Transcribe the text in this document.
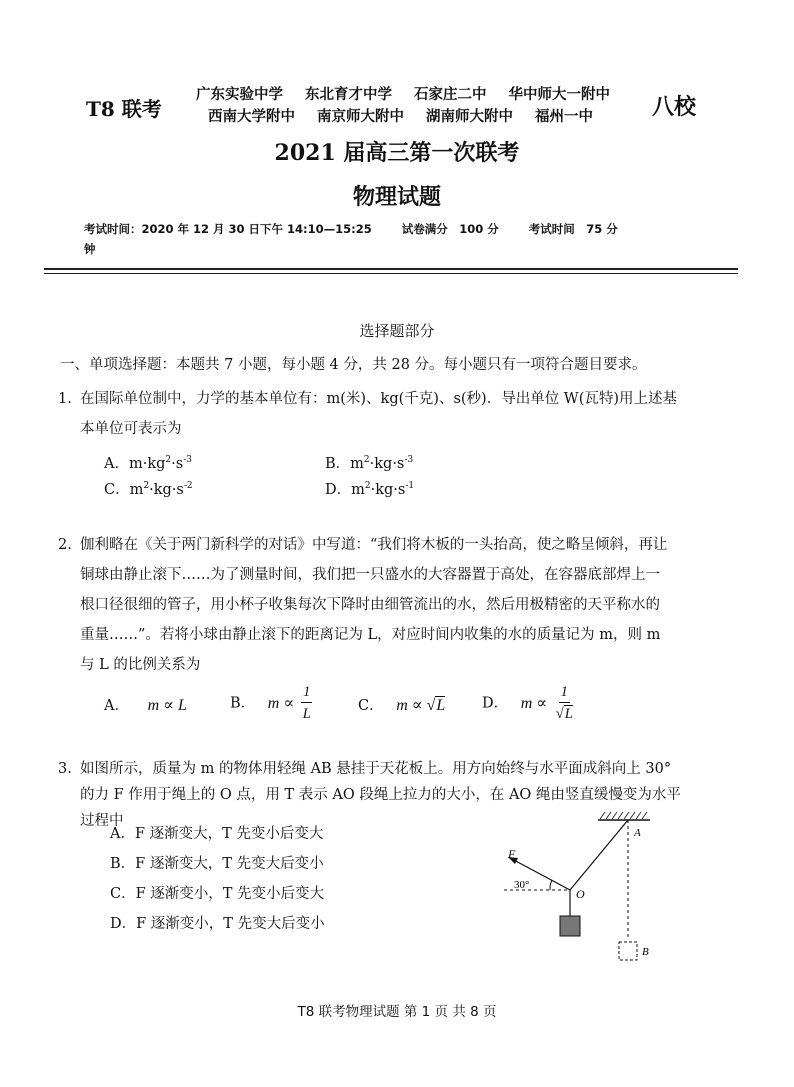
T8 联考
广东实验中学 东北育才中学 石家庄二中 华中师大一附中
西南大学附中 南京师大附中 湖南师大附中 福州一中	八校
2021 届高三第一次联考
物理试题
考试时间：2020 年 12 月 30 日下午 14:10—15:25	试卷满分　100 分	考试时间　75 分
钟
选择题部分
一、单项选择题：本题共 7 小题，每小题 4 分，共 28 分。每小题只有一项符合题目要求。
1. 在国际单位制中，力学的基本单位有：m(米)、kg(千克)、s(秒)．导出单位 W(瓦特)用上述基
本单位可表示为
A．$m\cdot kg^2\cdot s^{-3}$	B．$m^2\cdot kg\cdot s^{-3}$
C．$m^2\cdot kg\cdot s^{-2}$	D．$m^2\cdot kg\cdot s^{-1}$
2. 伽利略在《关于两门新科学的对话》中写道：“我们将木板的一头抬高，使之略呈倾斜，再让
铜球由静止滚下……为了测量时间，我们把一只盛水的大容器置于高处，在容器底部焊上一
根口径很细的管子，用小杯子收集每次下降时由细管流出的水，然后用极精密的天平称水的
重量……”。若将小球由静止滚下的距离记为 L，对应时间内收集的水的质量记为 m，则 m
与 L 的比例关系为
A． m ∝ L	B． $m \propto \frac{1}{L}$	C． m ∝ √L	D． $m \propto \frac{1}{√L}$
3. 如图所示，质量为 m 的物体用轻绳 AB 悬挂于天花板上。用方向始终与水平面成斜向上 30°
的力 F 作用于绳上的 O 点，用 T 表示 AO 段绳上拉力的大小，在 AO 绳由竖直缓慢变为水平
过程中
A．F 逐渐变大，T 先变小后变大
B．F 逐渐变大，T 先变大后变小
C．F 逐渐变小，T 先变小后变大
D．F 逐渐变小，T 先变大后变小
F
30°
O
A
B
T8 联考物理试题 第 1 页 共 8 页
